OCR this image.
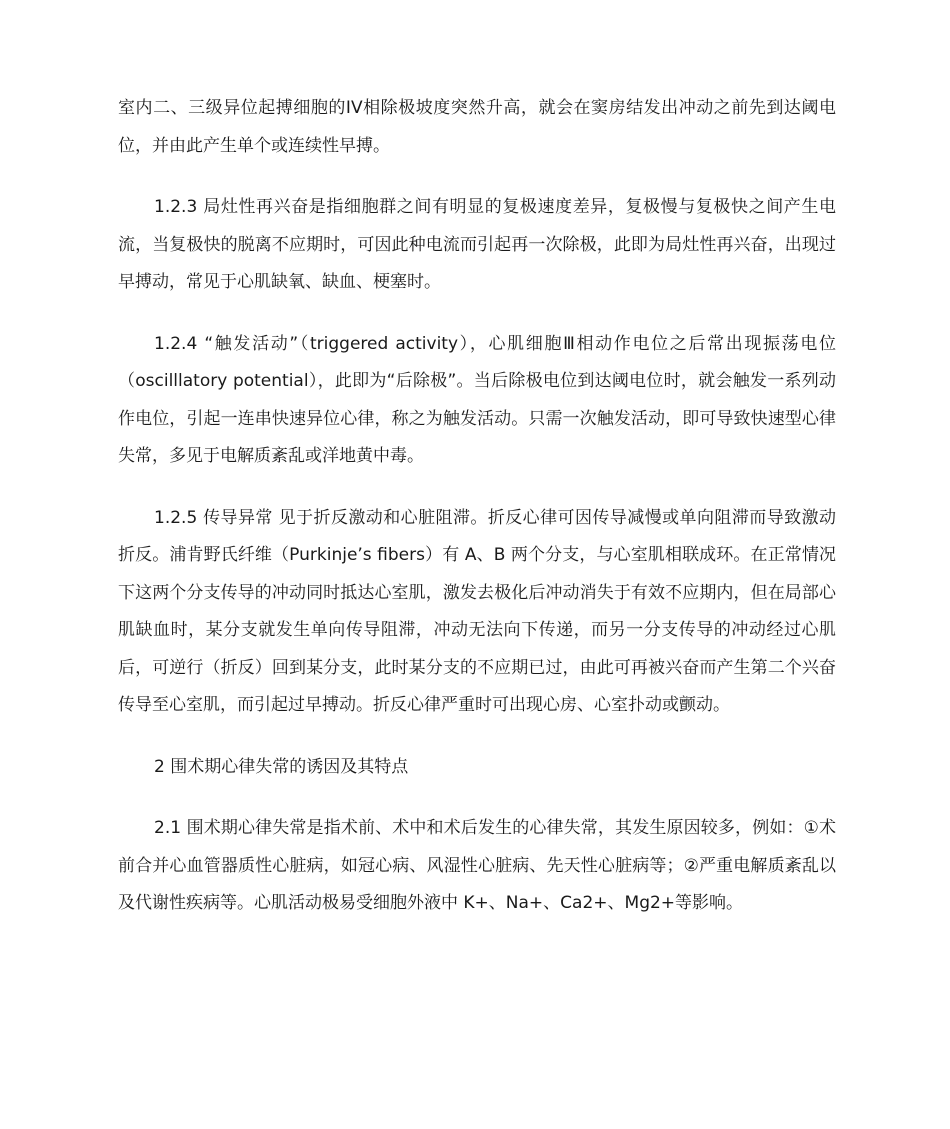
室内二、三级异位起搏细胞的IV相除极坡度突然升高，就会在窦房结发出冲动之前先到达阈电位，并由此产生单个或连续性早搏。

1.2.3 局灶性再兴奋是指细胞群之间有明显的复极速度差异，复极慢与复极快之间产生电流，当复极快的脱离不应期时，可因此种电流而引起再一次除极，此即为局灶性再兴奋，出现过早搏动，常见于心肌缺氧、缺血、梗塞时。

1.2.4 “触发活动”（triggered activity），心肌细胞Ⅲ相动作电位之后常出现振荡电位（oscilllatory potential），此即为“后除极”。当后除极电位到达阈电位时，就会触发一系列动作电位，引起一连串快速异位心律，称之为触发活动。只需一次触发活动，即可导致快速型心律失常，多见于电解质紊乱或洋地黄中毒。

1.2.5 传导异常 见于折反激动和心脏阻滞。折反心律可因传导减慢或单向阻滞而导致激动折反。浦肯野氏纤维（Purkinje’s fibers）有 A、B 两个分支，与心室肌相联成环。在正常情况下这两个分支传导的冲动同时抵达心室肌，激发去极化后冲动消失于有效不应期内，但在局部心肌缺血时，某分支就发生单向传导阻滞，冲动无法向下传递，而另一分支传导的冲动经过心肌后，可逆行（折反）回到某分支，此时某分支的不应期已过，由此可再被兴奋而产生第二个兴奋传导至心室肌，而引起过早搏动。折反心律严重时可出现心房、心室扑动或颤动。

2 围术期心律失常的诱因及其特点

2.1 围术期心律失常是指术前、术中和术后发生的心律失常，其发生原因较多，例如：①术前合并心血管器质性心脏病，如冠心病、风湿性心脏病、先天性心脏病等；②严重电解质紊乱以及代谢性疾病等。心肌活动极易受细胞外液中 K+、Na+、Ca2+、Mg2+等影响。
